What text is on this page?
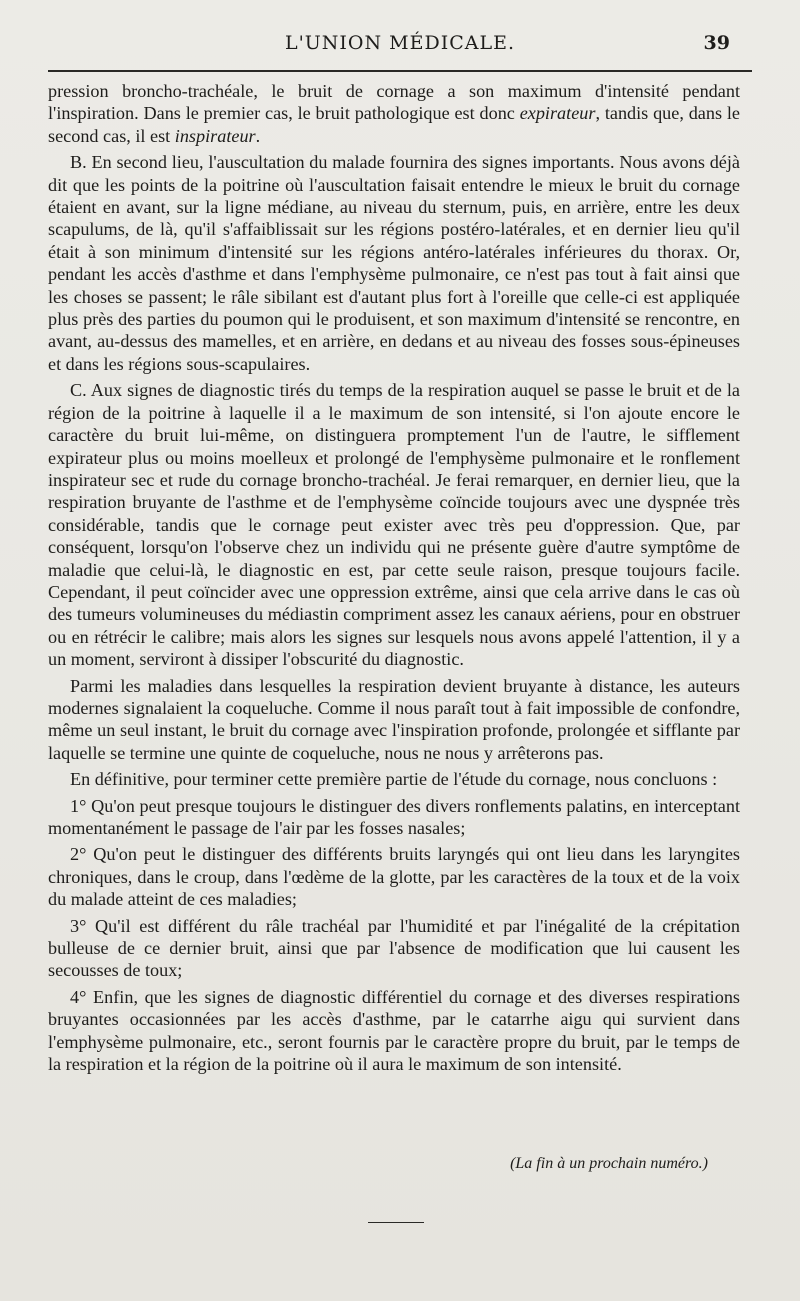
L'UNION MÉDICALE.	39

pression broncho-trachéale, le bruit de cornage a son maximum d'intensité pendant l'inspiration. Dans le premier cas, le bruit pathologique est donc expirateur, tandis que, dans le second cas, il est inspirateur.

B. En second lieu, l'auscultation du malade fournira des signes importants. Nous avons déjà dit que les points de la poitrine où l'auscultation faisait entendre le mieux le bruit du cornage étaient en avant, sur la ligne médiane, au niveau du sternum, puis, en arrière, entre les deux scapulums, de là, qu'il s'affaiblissait sur les régions postéro-latérales, et en dernier lieu qu'il était à son minimum d'intensité sur les régions antéro-latérales inférieures du thorax. Or, pendant les accès d'asthme et dans l'emphysème pulmonaire, ce n'est pas tout à fait ainsi que les choses se passent; le râle sibilant est d'autant plus fort à l'oreille que celle-ci est appliquée plus près des parties du poumon qui le produisent, et son maximum d'intensité se rencontre, en avant, au-dessus des mamelles, et en arrière, en dedans et au niveau des fosses sous-épineuses et dans les régions sous-scapulaires.

C. Aux signes de diagnostic tirés du temps de la respiration auquel se passe le bruit et de la région de la poitrine à laquelle il a le maximum de son intensité, si l'on ajoute encore le caractère du bruit lui-même, on distinguera promptement l'un de l'autre, le sifflement expirateur plus ou moins moelleux et prolongé de l'emphysème pulmonaire et le ronflement inspirateur sec et rude du cornage broncho-trachéal. Je ferai remarquer, en dernier lieu, que la respiration bruyante de l'asthme et de l'emphysème coïncide toujours avec une dyspnée très considérable, tandis que le cornage peut exister avec très peu d'oppression. Que, par conséquent, lorsqu'on l'observe chez un individu qui ne présente guère d'autre symptôme de maladie que celui-là, le diagnostic en est, par cette seule raison, presque toujours facile. Cependant, il peut coïncider avec une oppression extrême, ainsi que cela arrive dans le cas où des tumeurs volumineuses du médiastin compriment assez les canaux aériens, pour en obstruer ou en rétrécir le calibre; mais alors les signes sur lesquels nous avons appelé l'attention, il y a un moment, serviront à dissiper l'obscurité du diagnostic.

Parmi les maladies dans lesquelles la respiration devient bruyante à distance, les auteurs modernes signalaient la coqueluche. Comme il nous paraît tout à fait impossible de confondre, même un seul instant, le bruit du cornage avec l'inspiration profonde, prolongée et sifflante par laquelle se termine une quinte de coqueluche, nous ne nous y arrêterons pas.

En définitive, pour terminer cette première partie de l'étude du cornage, nous concluons :

1° Qu'on peut presque toujours le distinguer des divers ronflements palatins, en interceptant momentanément le passage de l'air par les fosses nasales;

2° Qu'on peut le distinguer des différents bruits laryngés qui ont lieu dans les laryngites chroniques, dans le croup, dans l'œdème de la glotte, par les caractères de la toux et de la voix du malade atteint de ces maladies;

3° Qu'il est différent du râle trachéal par l'humidité et par l'inégalité de la crépitation bulleuse de ce dernier bruit, ainsi que par l'absence de modification que lui causent les secousses de toux;

4° Enfin, que les signes de diagnostic différentiel du cornage et des diverses respirations bruyantes occasionnées par les accès d'asthme, par le catarrhe aigu qui survient dans l'emphysème pulmonaire, etc., seront fournis par le caractère propre du bruit, par le temps de la respiration et la région de la poitrine où il aura le maximum de son intensité.

(La fin à un prochain numéro.)
